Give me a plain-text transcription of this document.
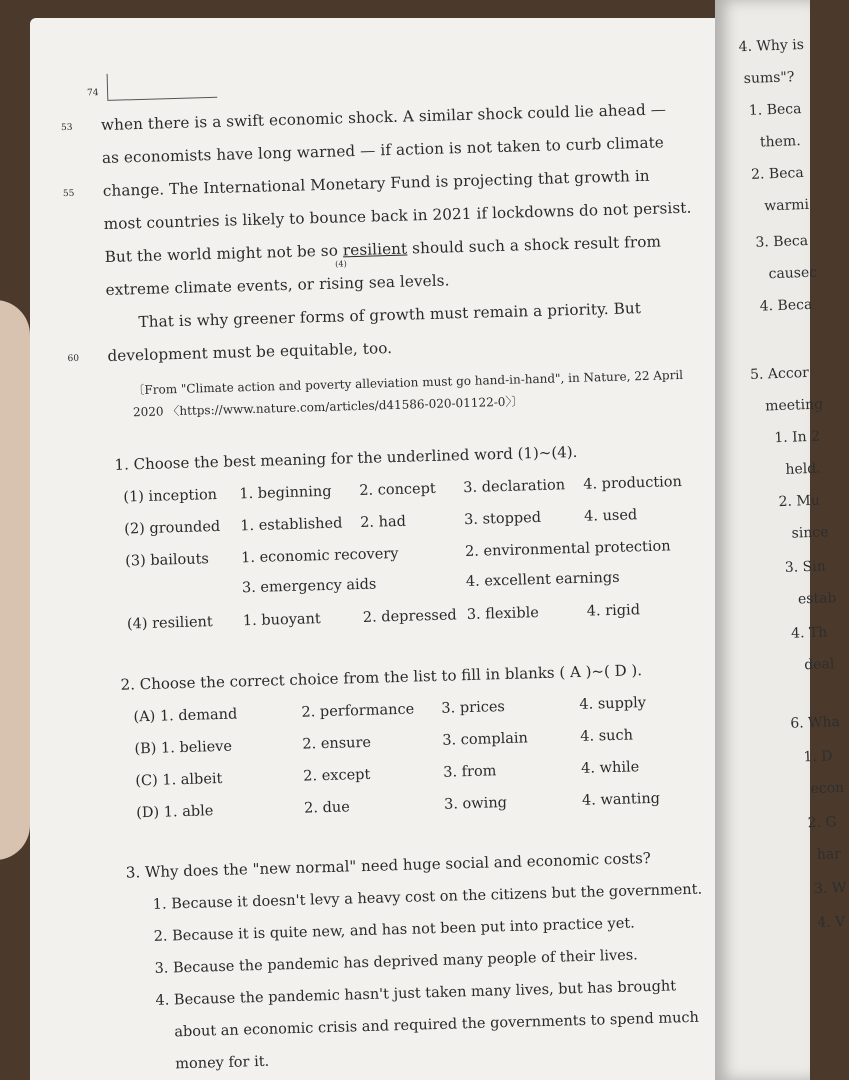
74
53 when there is a swift economic shock. A similar shock could lie ahead —
as economists have long warned — if action is not taken to curb climate
55 change. The International Monetary Fund is projecting that growth in
most countries is likely to bounce back in 2021 if lockdowns do not persist.
But the world might not be so resilient
(4)
should such a shock result from
extreme climate events, or rising sea levels.
That is why greener forms of growth must remain a priority. But
60 development must be equitable, too.
〔From "Climate action and poverty alleviation must go hand-in-hand", in Nature, 22 April
2020 〈https://www.nature.com/articles/d41586-020-01122-0〉〕
1. Choose the best meaning for the underlined word (1)~(4).
(1) inception 1. beginning 2. concept 3. declaration 4. production
(2) grounded 1. established 2. had	3. stopped	4. used
(3) bailouts 1. economic recovery	2. environmental protection
3. emergency aids	4. excellent earnings
(4) resilient 1. buoyant	2. depressed 3. flexible	4. rigid
2. Choose the correct choice from the list to fill in blanks ( A )~( D ).
(A) 1. demand	2. performance 3. prices	4. supply
(B) 1. believe	2. ensure	3. complain	4. such
(C) 1. albeit	2. except	3. from	4. while
(D) 1. able	2. due	3. owing	4. wanting
3. Why does the "new normal" need huge social and economic costs?
1. Because it doesn't levy a heavy cost on the citizens but the government.
2. Because it is quite new, and has not been put into practice yet.
3. Because the pandemic has deprived many people of their lives.
4. Because the pandemic hasn't just taken many lives, but has brought
about an economic crisis and required the governments to spend much
money for it.
4. Why is
sums"?
1. Beca
them.
2. Beca
warmi
3. Beca
causec
4. Beca
5. Accor
meeting
1. In 2
held.
2. Mu
since
3. Sin
estab
4. Th
deal
6. Wha
1. D
econ
2. G
har
3. W
4. V
